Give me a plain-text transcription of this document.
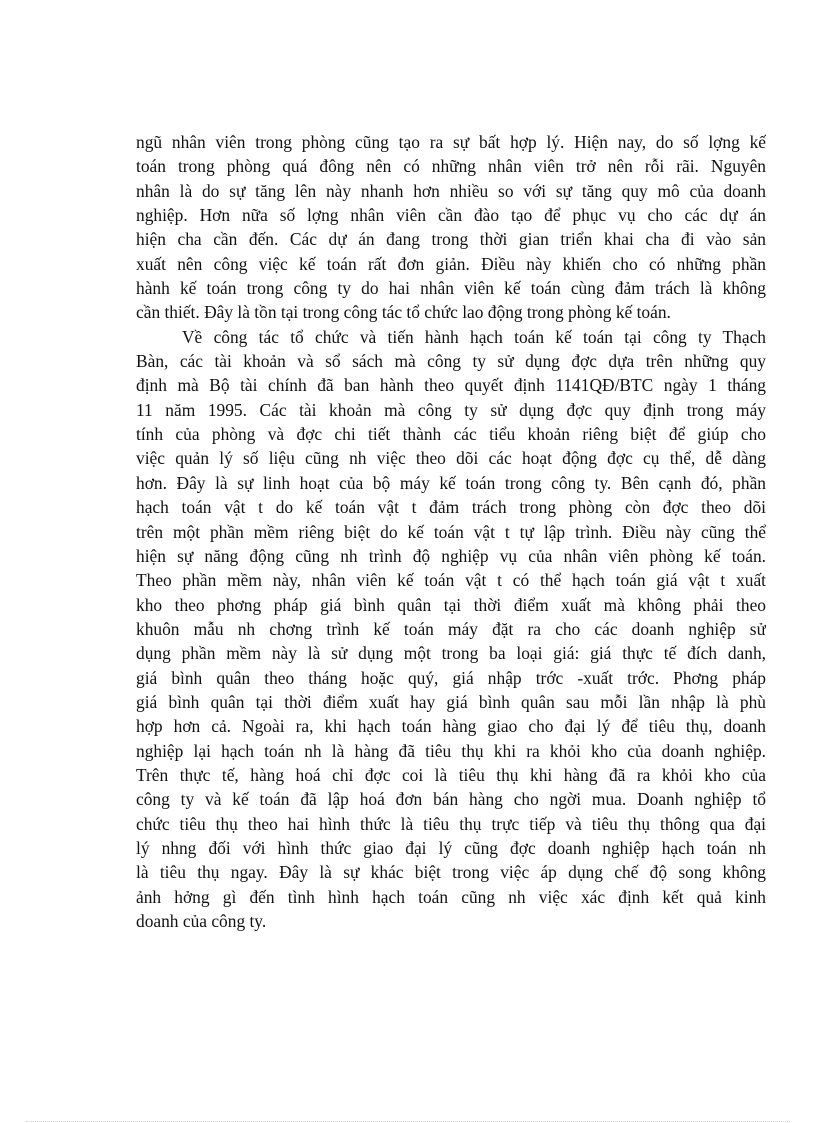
ngũ nhân viên trong phòng cũng tạo ra sự bất hợp lý. Hiện nay, do số lợng kế
toán trong phòng quá đông nên có những nhân viên trở nên rỗi rãi. Nguyên
nhân là do sự tăng lên này nhanh hơn nhiều so với sự tăng quy mô của doanh
nghiệp. Hơn nữa số lợng nhân viên cần đào tạo để phục vụ cho các dự án
hiện cha cần đến. Các dự án đang trong thời gian triển khai cha đi vào sản
xuất nên công việc kế toán rất đơn giản. Điều này khiến cho có những phần
hành kế toán trong công ty do hai nhân viên kế toán cùng đảm trách là không
cần thiết. Đây là tồn tại trong công tác tổ chức lao động trong phòng kế toán.
Về công tác tổ chức và tiến hành hạch toán kế toán tại công ty Thạch
Bàn, các tài khoản và sổ sách mà công ty sử dụng đợc dựa trên những quy
định mà Bộ tài chính đã ban hành theo quyết định 1141QĐ/BTC ngày 1 tháng
11 năm 1995. Các tài khoản mà công ty sử dụng đợc quy định trong máy
tính của phòng và đợc chi tiết thành các tiểu khoản riêng biệt để giúp cho
việc quản lý số liệu cũng nh việc theo dõi các hoạt động đợc cụ thể, dễ dàng
hơn. Đây là sự linh hoạt của bộ máy kế toán trong công ty. Bên cạnh đó, phần
hạch toán vật t do kế toán vật t đảm trách trong phòng còn đợc theo dõi
trên một phần mềm riêng biệt do kế toán vật t tự lập trình. Điều này cũng thể
hiện sự năng động cũng nh trình độ nghiệp vụ của nhân viên phòng kế toán.
Theo phần mềm này, nhân viên kế toán vật t có thể hạch toán giá vật t xuất
kho theo phơng pháp giá bình quân tại thời điểm xuất mà không phải theo
khuôn mẫu nh chơng trình kế toán máy đặt ra cho các doanh nghiệp sử
dụng phần mềm này là sử dụng một trong ba loại giá: giá thực tế đích danh,
giá bình quân theo tháng hoặc quý, giá nhập trớc -xuất trớc. Phơng pháp
giá bình quân tại thời điểm xuất hay giá bình quân sau mỗi lần nhập là phù
hợp hơn cả. Ngoài ra, khi hạch toán hàng giao cho đại lý để tiêu thụ, doanh
nghiệp lại hạch toán nh là hàng đã tiêu thụ khi ra khỏi kho của doanh nghiệp.
Trên thực tế, hàng hoá chỉ đợc coi là tiêu thụ khi hàng đã ra khỏi kho của
công ty và kế toán đã lập hoá đơn bán hàng cho ngời mua. Doanh nghiệp tổ
chức tiêu thụ theo hai hình thức là tiêu thụ trực tiếp và tiêu thụ thông qua đại
lý nhng đối với hình thức giao đại lý cũng đợc doanh nghiệp hạch toán nh
là tiêu thụ ngay. Đây là sự khác biệt trong việc áp dụng chế độ song không
ảnh hởng gì đến tình hình hạch toán cũng nh việc xác định kết quả kinh
doanh của công ty.
